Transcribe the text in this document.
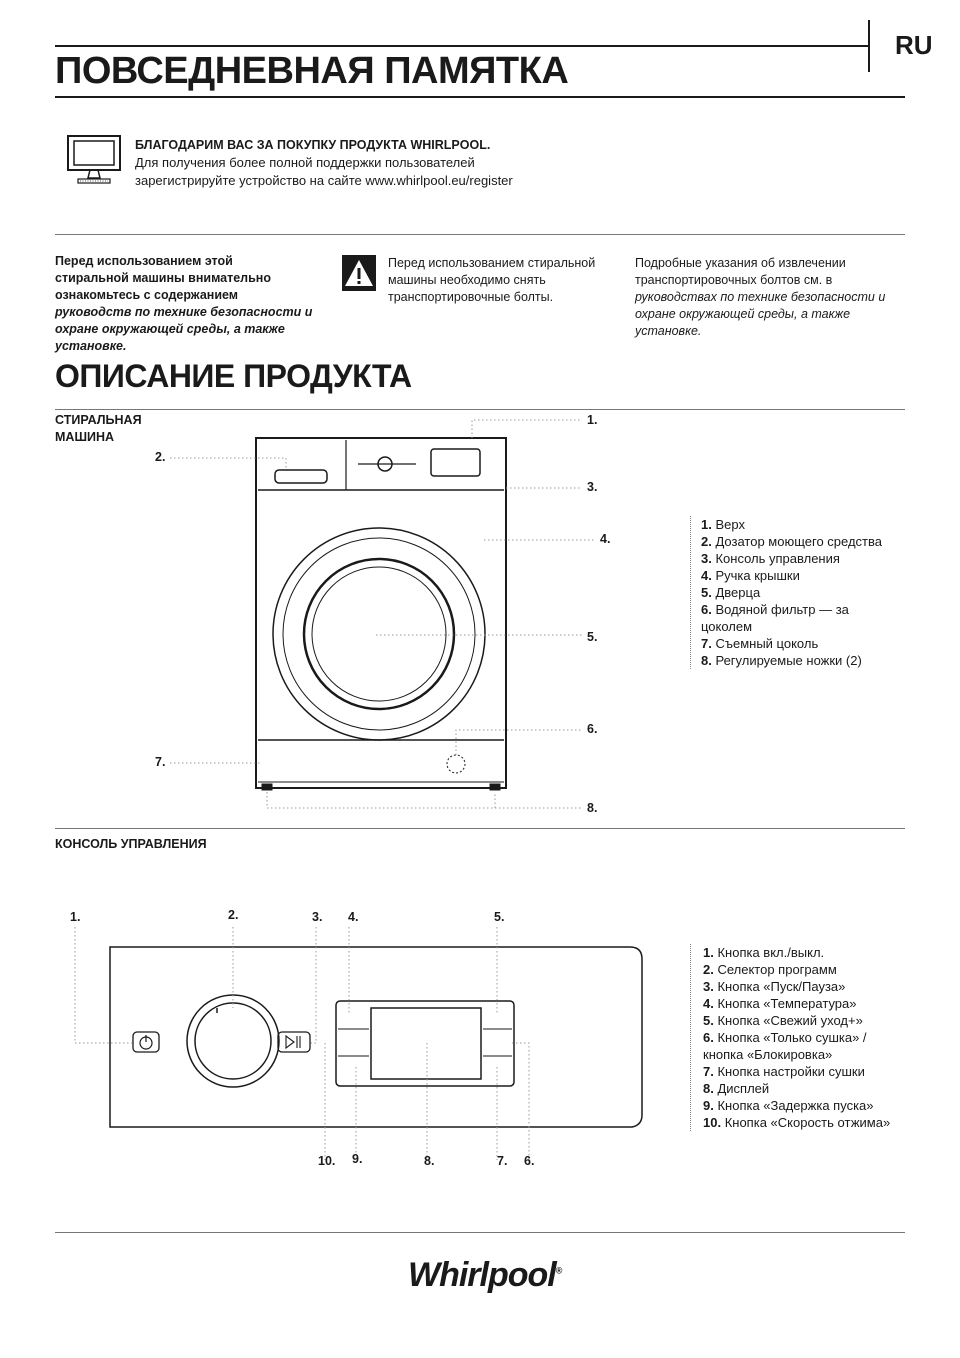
RU
ПОВСЕДНЕВНАЯ ПАМЯТКА
БЛАГОДАРИМ ВАС ЗА ПОКУПКУ ПРОДУКТА WHIRLPOOL.
Для получения более полной поддержки пользователей
зарегистрируйте устройство на сайте www.whirlpool.eu/register
Перед использованием этой
стиральной машины внимательно
ознакомьтесь с содержанием
руководств по технике безопасности и
охране окружающей среды, а также
установке.
Перед использованием стиральной
машины необходимо снять
транспортировочные болты.
Подробные указания об извлечении
транспортировочных болтов см. в
руководствах по технике безопасности и
охране окружающей среды, а также
установке.
ОПИСАНИЕ ПРОДУКТА
СТИРАЛЬНАЯ
МАШИНА
1.
2.
3.
4.
5.
6.
7.
8.
1. Верх
2. Дозатор моющего средства
3. Консоль управления
4. Ручка крышки
5. Дверца
6. Водяной фильтр — за
цоколем
7. Съемный цоколь
8. Регулируемые ножки (2)
КОНСОЛЬ УПРАВЛЕНИЯ
1.	2.	3. 4.	5.
10. 9.	8.	7. 6.
1. Кнопка вкл./выкл.
2. Селектор программ
3. Кнопка «Пуск/Пауза»
4. Кнопка «Температура»
5. Кнопка «Свежий уход+»
6. Кнопка «Только сушка» /
кнопка «Блокировка»
7. Кнопка настройки сушки
8. Дисплей
9. Кнопка «Задержка пуска»
10. Кнопка «Скорость отжима»
Whirlpool®
